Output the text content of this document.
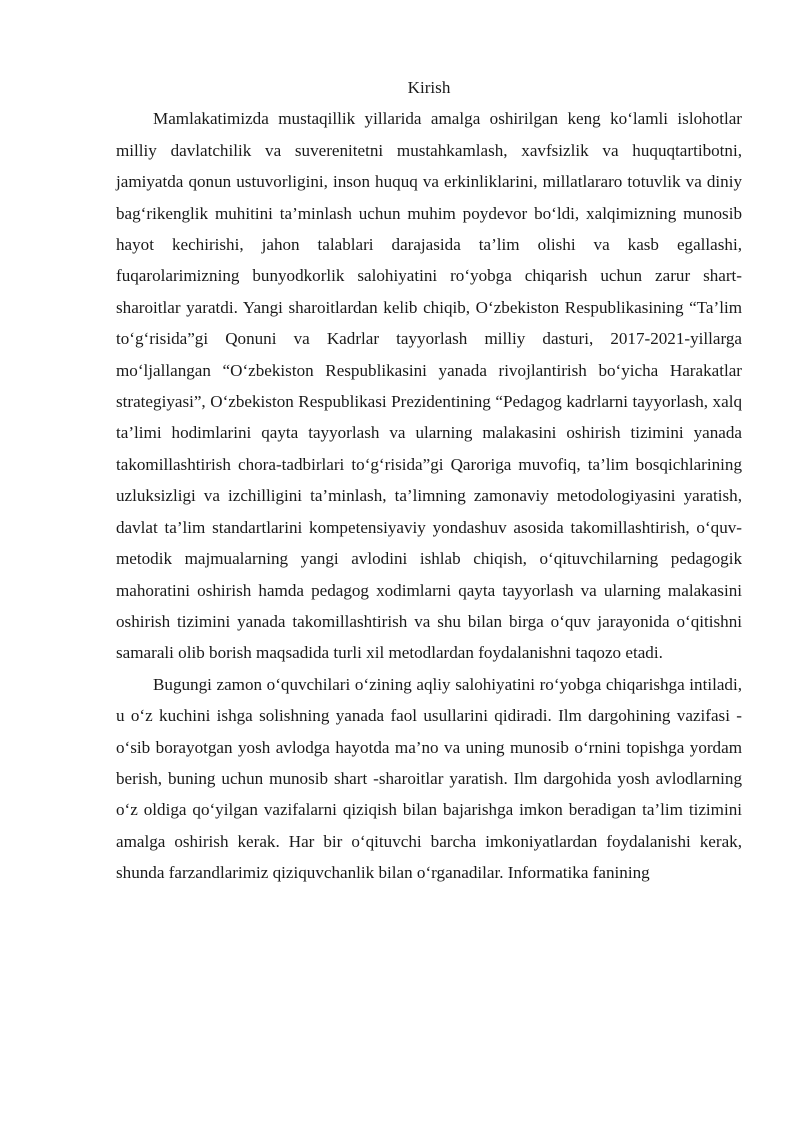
Kirish

Mamlakatimizda mustaqillik yillarida amalga oshirilgan keng ko‘lamli islohotlar milliy davlatchilik va suverenitetni mustahkamlash, xavfsizlik va huquqtartibotni, jamiyatda qonun ustuvorligini, inson huquq va erkinliklarini, millatlararo totuvlik va diniy bag‘rikenglik muhitini ta’minlash uchun muhim poydevor bo‘ldi, xalqimizning munosib hayot kechirishi, jahon talablari darajasida ta’lim olishi va kasb egallashi, fuqarolarimizning bunyodkorlik salohiyatini ro‘yobga chiqarish uchun zarur shart-sharoitlar yaratdi. Yangi sharoitlardan kelib chiqib, O‘zbekiston Respublikasining “Ta’lim to‘g‘risida”gi Qonuni va Kadrlar tayyorlash milliy dasturi, 2017-2021-yillarga mo‘ljallangan “O‘zbekiston Respublikasini yanada rivojlantirish bo‘yicha Harakatlar strategiyasi”, O‘zbekiston Respublikasi Prezidentining “Pedagog kadrlarni tayyorlash, xalq ta’limi hodimlarini qayta tayyorlash va ularning malakasini oshirish tizimini yanada takomillashtirish chora-tadbirlari to‘g‘risida”gi Qaroriga muvofiq, ta’lim bosqichlarining uzluksizligi va izchilligini ta’minlash, ta’limning zamonaviy metodologiyasini yaratish, davlat ta’lim standartlarini kompetensiyaviy yondashuv asosida takomillashtirish, o‘quv-metodik majmualarning yangi avlodini ishlab chiqish, o‘qituvchilarning pedagogik mahoratini oshirish hamda pedagog xodimlarni qayta tayyorlash va ularning malakasini oshirish tizimini yanada takomillashtirish va shu bilan birga o‘quv jarayonida o‘qitishni samarali olib borish maqsadida turli xil metodlardan foydalanishni taqozo etadi.

Bugungi zamon o‘quvchilari o‘zining aqliy salohiyatini ro‘yobga chiqarishga intiladi, u o‘z kuchini ishga solishning yanada faol usullarini qidiradi. Ilm dargohining vazifasi - o‘sib borayotgan yosh avlodga hayotda ma’no va uning munosib o‘rnini topishga yordam berish, buning uchun munosib shart -sharoitlar yaratish. Ilm dargohida yosh avlodlarning o‘z oldiga qo‘yilgan vazifalarni qiziqish bilan bajarishga imkon beradigan ta’lim tizimini amalga oshirish kerak. Har bir o‘qituvchi barcha imkoniyatlardan foydalanishi kerak, shunda farzandlarimiz qiziquvchanlik bilan o‘rganadilar. Informatika fanining
